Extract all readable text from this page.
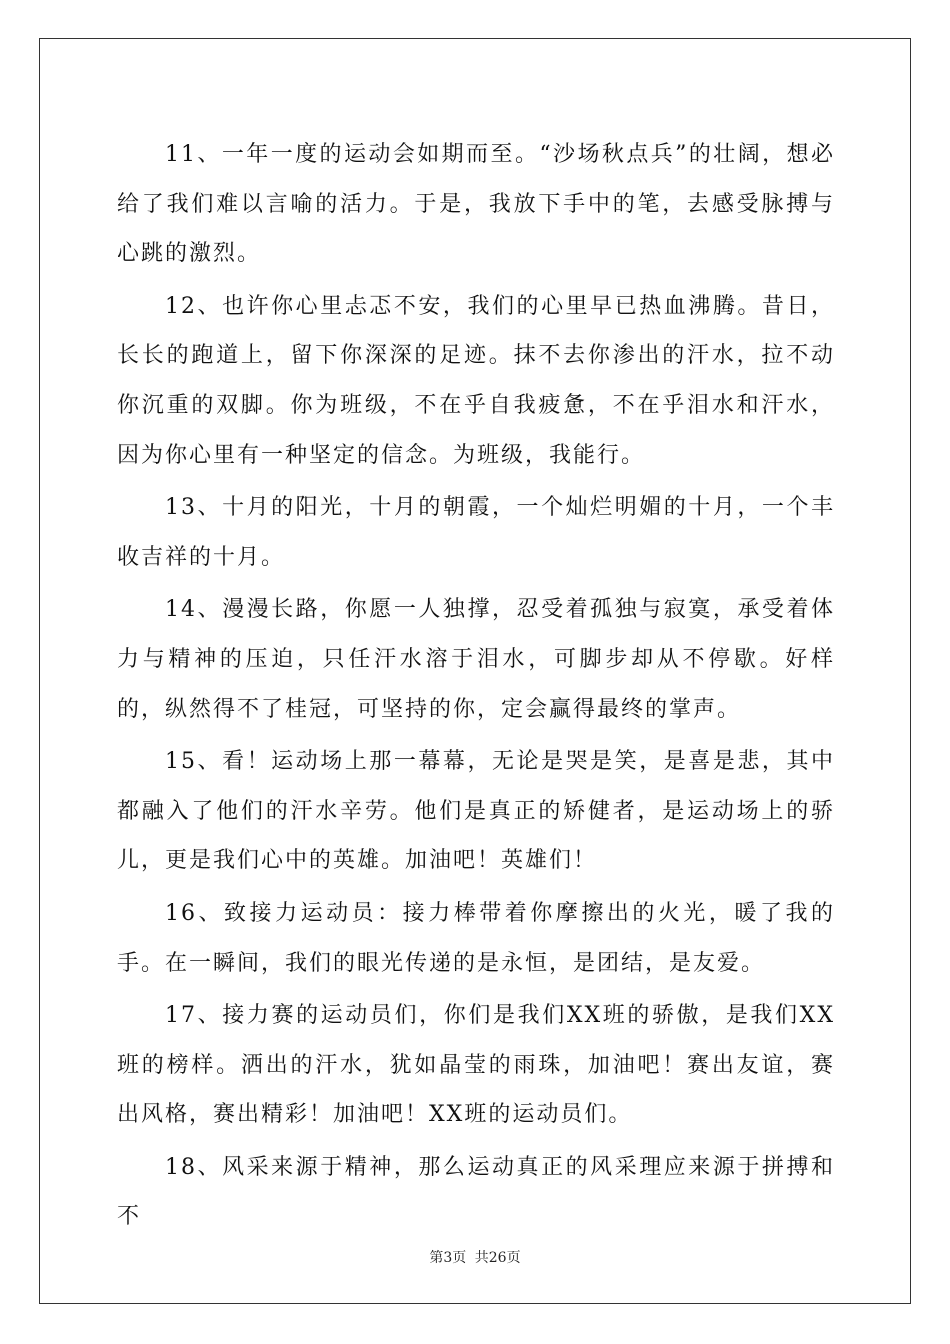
11、一年一度的运动会如期而至。“沙场秋点兵”的壮阔，想必给了我们难以言喻的活力。于是，我放下手中的笔，去感受脉搏与心跳的激烈。

12、也许你心里忐忑不安，我们的心里早已热血沸腾。昔日，长长的跑道上，留下你深深的足迹。抹不去你渗出的汗水，拉不动你沉重的双脚。你为班级，不在乎自我疲惫，不在乎泪水和汗水，因为你心里有一种坚定的信念。为班级，我能行。

13、十月的阳光，十月的朝霞，一个灿烂明媚的十月，一个丰收吉祥的十月。

14、漫漫长路，你愿一人独撑，忍受着孤独与寂寞，承受着体力与精神的压迫，只任汗水溶于泪水，可脚步却从不停歇。好样的，纵然得不了桂冠，可坚持的你，定会赢得最终的掌声。

15、看！运动场上那一幕幕，无论是哭是笑，是喜是悲，其中都融入了他们的汗水辛劳。他们是真正的矫健者，是运动场上的骄儿，更是我们心中的英雄。加油吧！英雄们！

16、致接力运动员：接力棒带着你摩擦出的火光，暖了我的手。在一瞬间，我们的眼光传递的是永恒，是团结，是友爱。

17、接力赛的运动员们，你们是我们XX班的骄傲，是我们XX班的榜样。洒出的汗水，犹如晶莹的雨珠，加油吧！赛出友谊，赛出风格，赛出精彩！加油吧！XX班的运动员们。

18、风采来源于精神，那么运动真正的风采理应来源于拼搏和不

第3页 共26页
